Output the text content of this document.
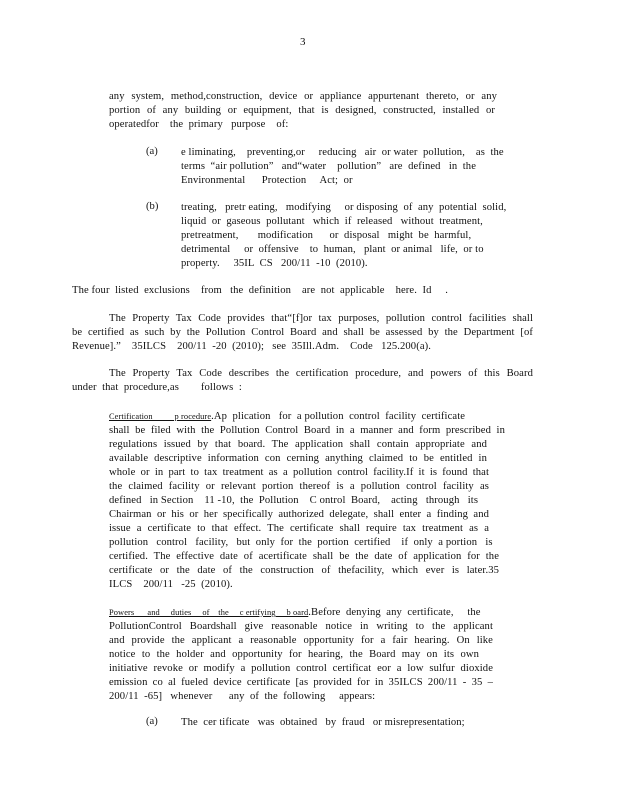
3
any system, method,construction, device or appliance appurtenant thereto, or any
portion of any building or equipment, that is designed, constructed, installed or
operatedfor    the  primary   purpose    of:
(a) e liminating,    preventing,or     reducing   air  or water  pollution,    as  the
terms  “air pollution”   and“water    pollution”   are  defined   in  the
Environmental      Protection     Act;  or
(b) treating,   pretr eating,   modifying     or disposing  of  any  potential  solid,
liquid  or  gaseous  pollutant   which  if  released   without  treatment,
pretreatment,       modification      or  disposal   might  be  harmful,
detrimental     or  offensive    to  human,   plant  or animal   life,  or to
property.     35IL  CS   200/11  -10  (2010).
The four  listed  exclusions    from   the  definition    are  not  applicable    here.  Id     .
The Property Tax Code provides that“[f]or tax purposes, pollution control facilities shall
be certified as such by the Pollution Control Board and shall be assessed by the Department [of
Revenue].”    35ILCS    200/11  -20  (2010);   see  35Ill.Adm.    Code   125.200(a).
The Property Tax Code describes the certification procedure, and powers of this Board
under  that  procedure,as        follows  :
Certification          p rocedure.Ap  plication   for  a pollution  control  facility  certificate
shall be filed with the Pollution Control Board in a manner and form prescribed in
regulations issued by that board. The application shall contain appropriate and
available descriptive information con cerning anything claimed to be entitled in
whole or in part to tax treatment as a pollution control facility.If it is found that
the claimed facility or relevant portion thereof is a pollution control facility as
defined   in Section    11 -10,  the  Pollution    C ontrol  Board,    acting   through   its
Chairman or his or her specifically authorized delegate, shall enter a finding and
issue a certificate to that effect. The certificate shall require tax treatment as a
pollution   control   facility,   but  only  for  the  portion  certified    if  only  a portion   is
certified. The effective date of acertificate shall be the date of application for the
certificate or the date of the construction of thefacility, which ever is later.35
ILCS    200/11   -25  (2010).
Powers      and     duties     of    the     c ertifying     b oard.Before  denying  any  certificate,     the
PollutionControl Boardshall give reasonable notice in writing to the applicant
and provide the applicant a reasonable opportunity for a fair hearing. On like
notice to the holder and opportunity for hearing, the Board may on its own
initiative revoke or modify a pollution control certificat eor a low sulfur dioxide
emission co al fueled device certificate [as provided for in 35ILCS 200/11 - 35 –
200/11  -65]   whenever      any  of  the  following     appears:
(a) The  cer tificate   was  obtained   by  fraud   or misrepresentation;
